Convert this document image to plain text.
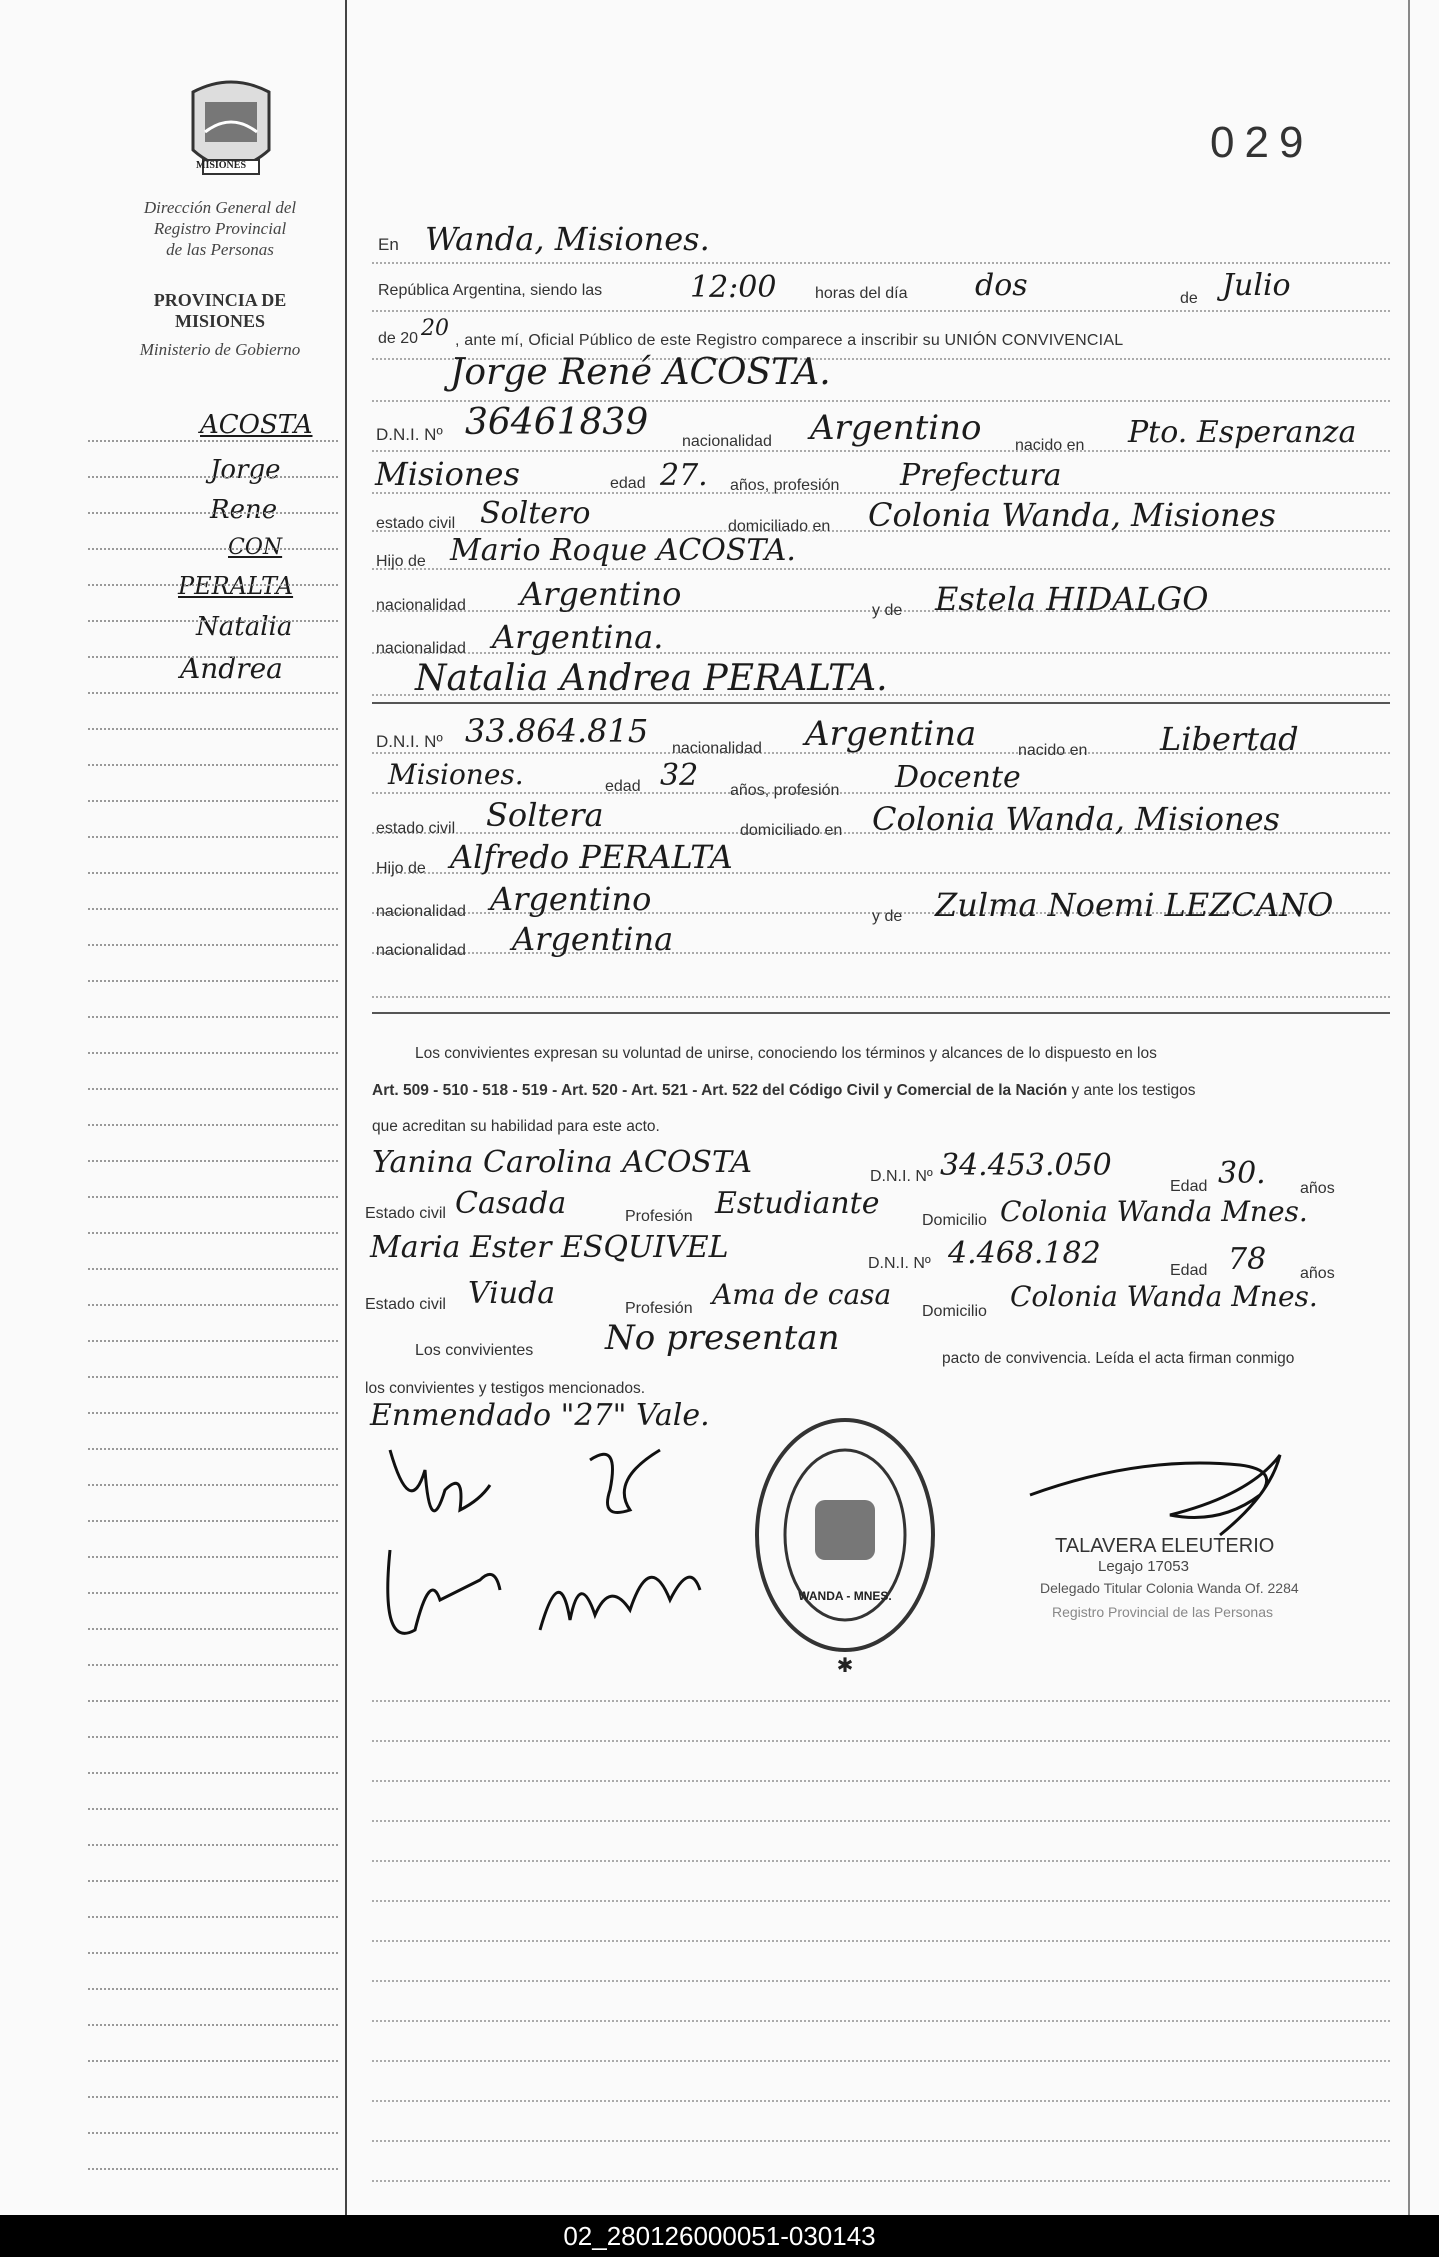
MISIONES
Dirección General del
Registro Provincial
de las Personas
PROVINCIA DE MISIONES
Ministerio de Gobierno
029
ACOSTA
Jorge
Rene
CON
PERALTA
Natalia
Andrea
En Wanda, Misiones.
República Argentina, siendo las	12:00 horas del día dos	de Julio
de 20 20 , ante mí, Oficial Público de este Registro comparece a inscribir su UNIÓN CONVIVENCIAL
Jorge René ACOSTA.
D.N.I. Nº 36461839 nacionalidad Argentino nacido en Pto. Esperanza
Misiones	edad 27. años, profesión Prefectura
estado civil Soltero	domiciliado en Colonia Wanda, Misiones
Hijo de Mario Roque ACOSTA.
nacionalidad Argentino	y de Estela HIDALGO
nacionalidad Argentina.
Natalia Andrea PERALTA.
D.N.I. Nº 33.864.815 nacionalidad Argentina	nacido en Libertad
Misiones.	edad 32 años, profesión Docente
estado civil Soltera	domiciliado en Colonia Wanda, Misiones
Hijo de Alfredo PERALTA
nacionalidad Argentino	y de Zulma Noemi LEZCANO
nacionalidad Argentina
Los convivientes expresan su voluntad de unirse, conociendo los términos y alcances de lo dispuesto en los
Art. 509 - 510 - 518 - 519 - Art. 520 - Art. 521 - Art. 522 del Código Civil y Comercial de la Nación y ante los testigos
que acreditan su habilidad para este acto.
Yanina Carolina ACOSTA	D.N.I. Nº 34.453.050
Edad 30. años
Estado civil Casada	Profesión Estudiante	Domicilio Colonia Wanda Mnes.
Maria Ester ESQUIVEL	D.N.I. Nº 4.468.182	Edad 78 años
Estado civil Viuda	Profesión Ama de casa
Domicilio Colonia Wanda Mnes.
Los convivientes No presentan
pacto de convivencia. Leída el acta firman conmigo
los convivientes y testigos mencionados.
Enmendado "27" Vale.
WANDA - MNES.
✱
TALAVERA ELEUTERIO
Legajo 17053
Delegado Titular Colonia Wanda Of. 2284
Registro Provincial de las Personas
02_280126000051-030143
